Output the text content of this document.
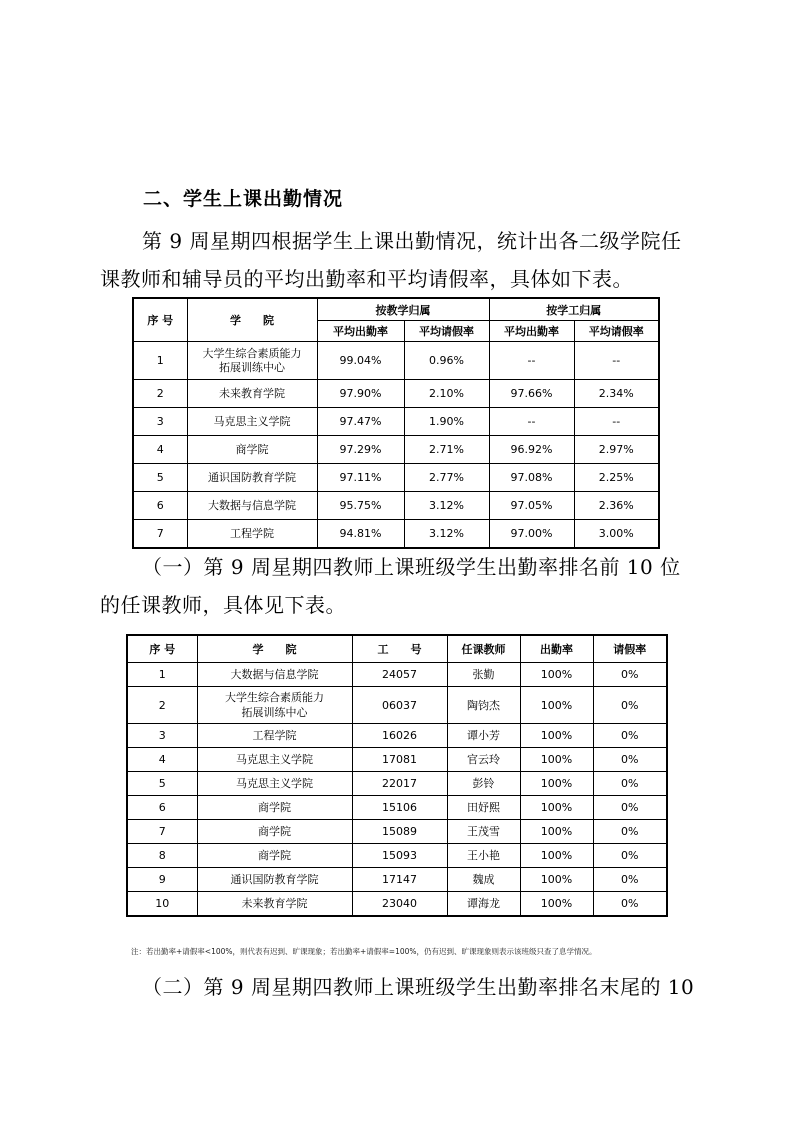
二、学生上课出勤情况
第 9 周星期四根据学生上课出勤情况，统计出各二级学院任课教师和辅导员的平均出勤率和平均请假率，具体如下表。
序 号	学　　院	按教学归属		按学工归属	
		平均出勤率	平均请假率	平均出勤率	平均请假率
1	大学生综合素质能力
拓展训练中心	99.04%	0.96%	--	--
2	未来教育学院	97.90%	2.10%	97.66%	2.34%
3	马克思主义学院	97.47%	1.90%	--	--
4	商学院	97.29%	2.71%	96.92%	2.97%
5	通识国防教育学院	97.11%	2.77%	97.08%	2.25%
6	大数据与信息学院	95.75%	3.12%	97.05%	2.36%
7	工程学院	94.81%	3.12%	97.00%	3.00%
（一）第 9 周星期四教师上课班级学生出勤率排名前 10 位的任课教师，具体见下表。
序 号	学　　院	工　　号	任课教师	出勤率	请假率
1	大数据与信息学院	24057	张勤	100%	0%
2	大学生综合素质能力
拓展训练中心	06037	陶钧杰	100%	0%
3	工程学院	16026	谭小芳	100%	0%
4	马克思主义学院	17081	官云玲	100%	0%
5	马克思主义学院	22017	彭铃	100%	0%
6	商学院	15106	田妤熙	100%	0%
7	商学院	15089	王茂雪	100%	0%
8	商学院	15093	王小艳	100%	0%
9	通识国防教育学院	17147	魏成	100%	0%
10	未来教育学院	23040	谭海龙	100%	0%
注：若出勤率+请假率<100%，则代表有迟到、旷课现象；若出勤率+请假率=100%，仍有迟到、旷课现象则表示该班级只查了息学情况。
（二）第 9 周星期四教师上课班级学生出勤率排名末尾的 10
